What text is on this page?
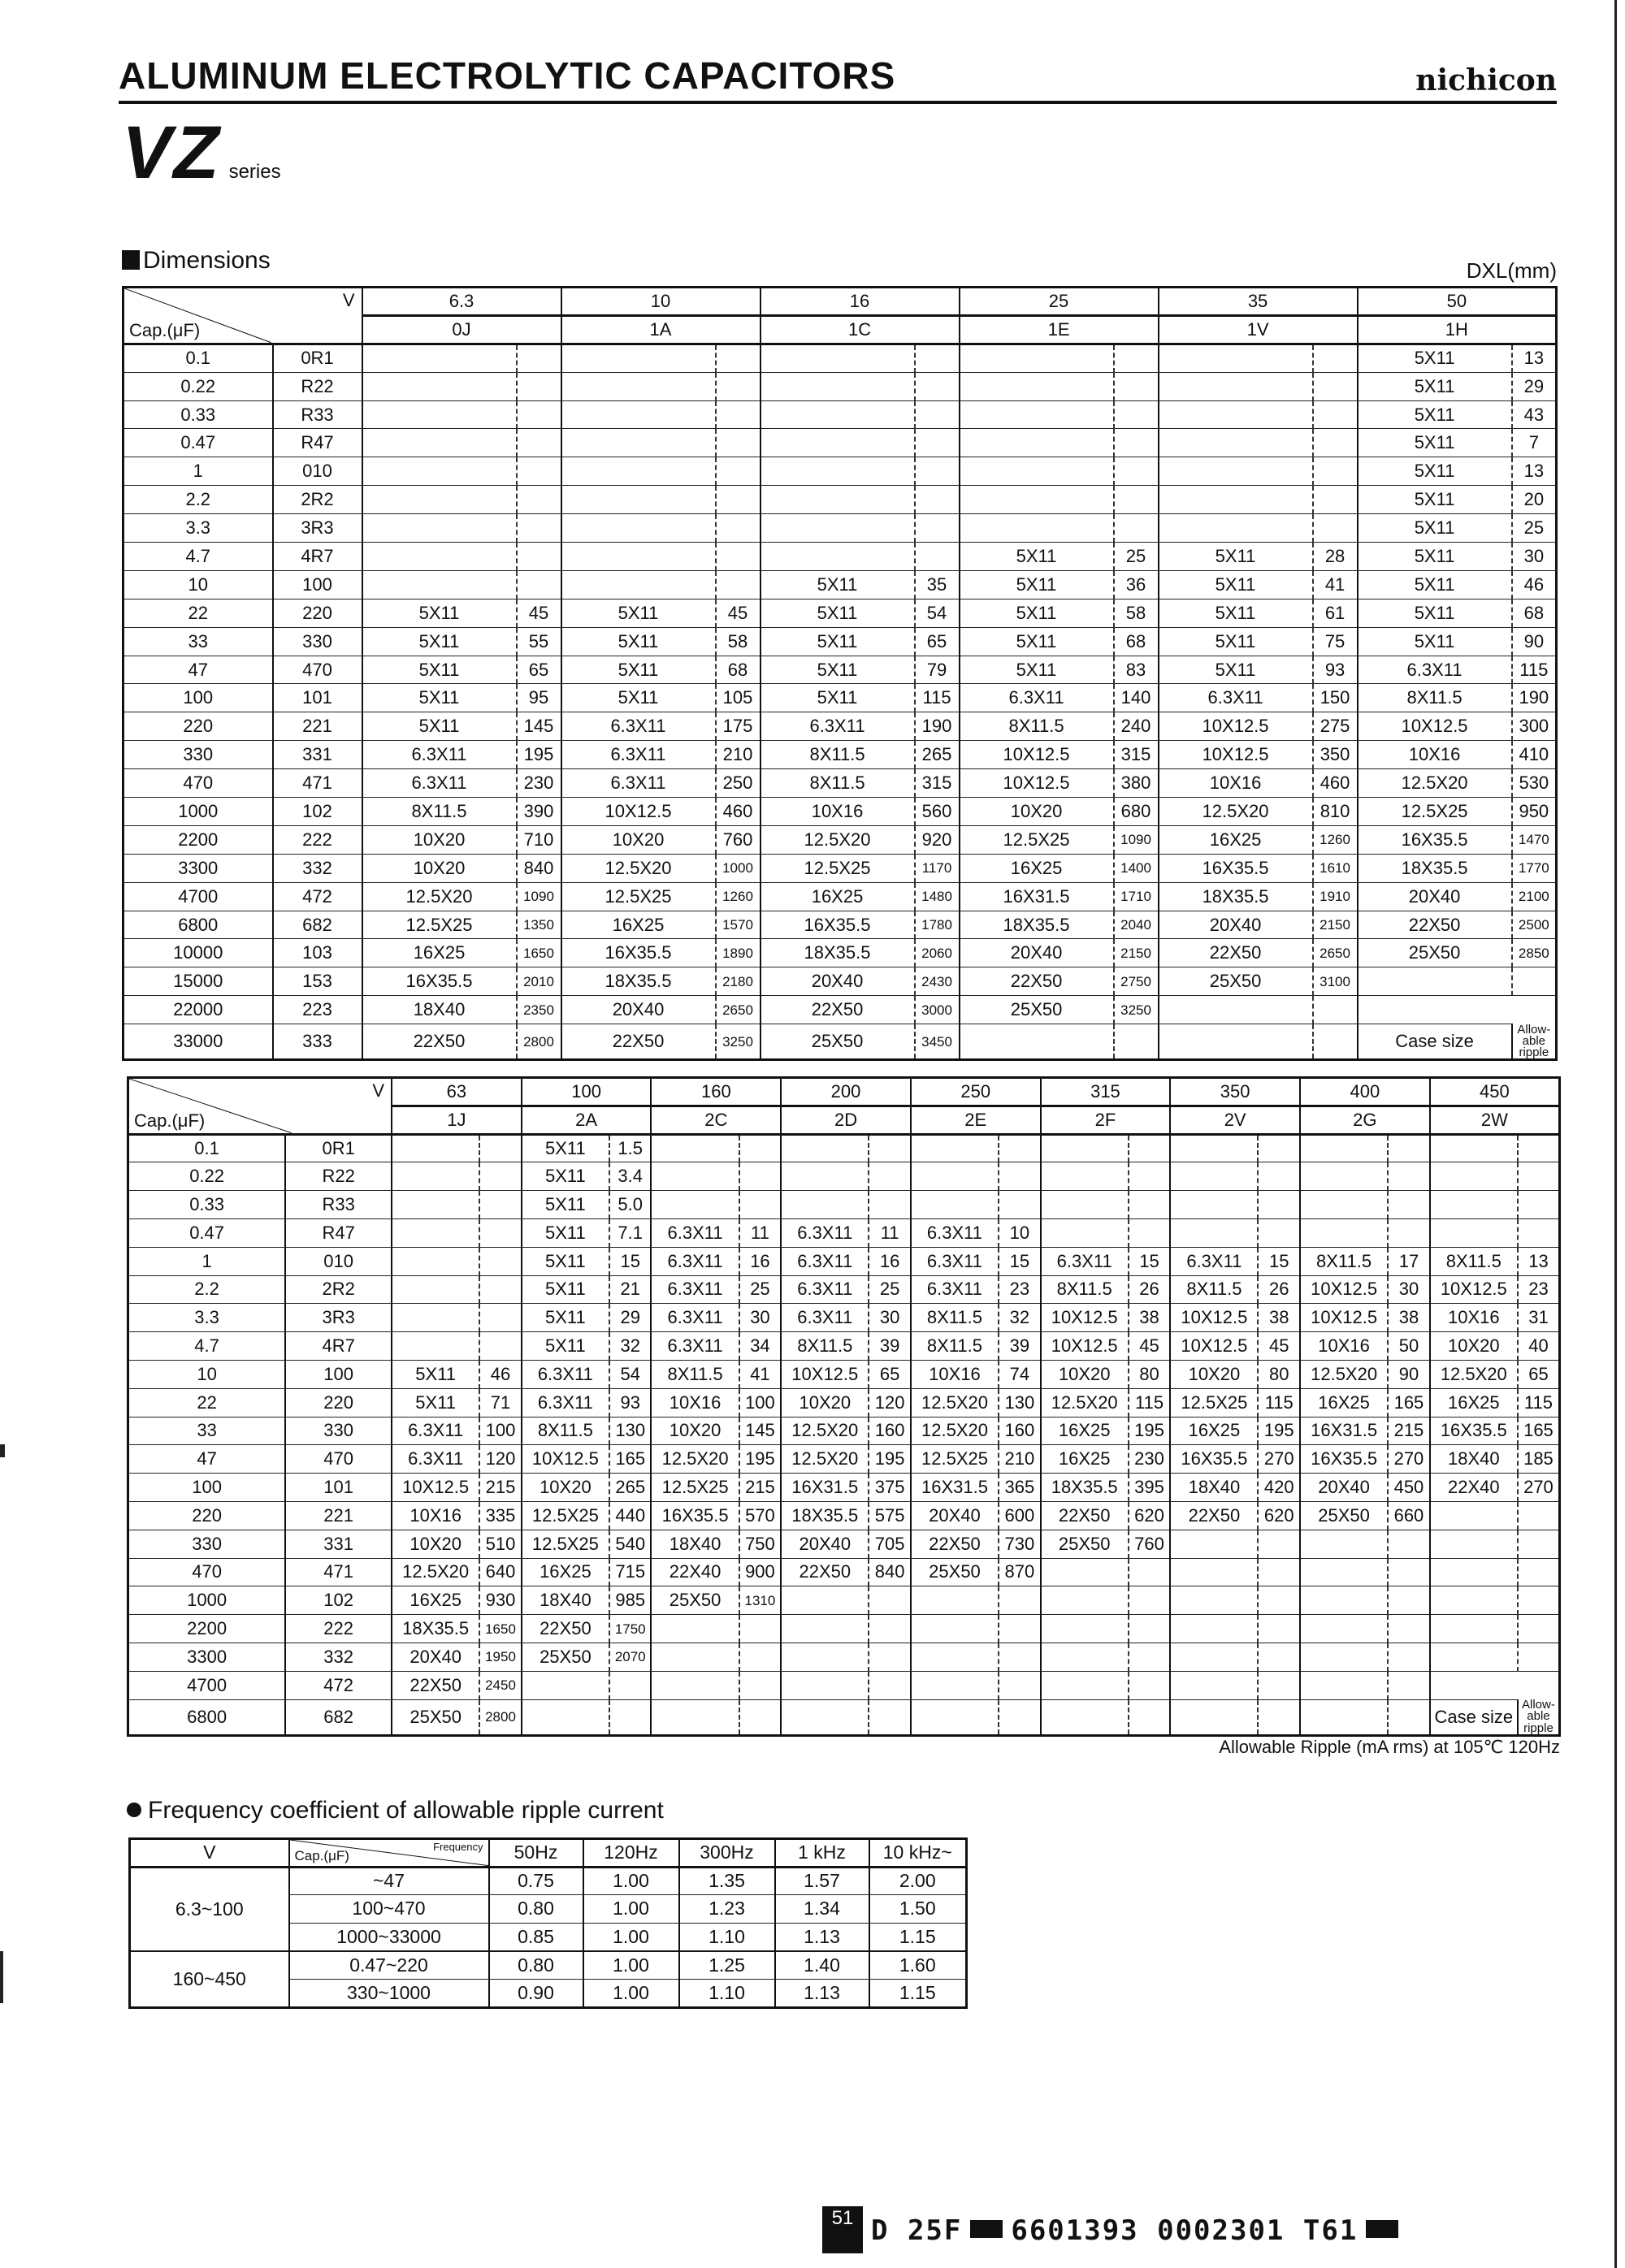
ALUMINUM ELECTROLYTIC CAPACITORS	nichicon
VZ series
Dimensions	DXL(mm)
V
Cap.(μF)		6.3		10		16		25		35		50	
		0J		1A		1C		1E		1V		1H	
0.1	0R1											5X11	13
0.22	R22											5X11	29
0.33	R33											5X11	43
0.47	R47											5X11	7
1	010											5X11	13
2.2	2R2											5X11	20
3.3	3R3											5X11	25
4.7	4R7							5X11	25	5X11	28	5X11	30
10	100					5X11	35	5X11	36	5X11	41	5X11	46
22	220	5X11	45	5X11	45	5X11	54	5X11	58	5X11	61	5X11	68
33	330	5X11	55	5X11	58	5X11	65	5X11	68	5X11	75	5X11	90
47	470	5X11	65	5X11	68	5X11	79	5X11	83	5X11	93	6.3X11	115
100	101	5X11	95	5X11	105	5X11	115	6.3X11	140	6.3X11	150	8X11.5	190
220	221	5X11	145	6.3X11	175	6.3X11	190	8X11.5	240	10X12.5	275	10X12.5	300
330	331	6.3X11	195	6.3X11	210	8X11.5	265	10X12.5	315	10X12.5	350	10X16	410
470	471	6.3X11	230	6.3X11	250	8X11.5	315	10X12.5	380	10X16	460	12.5X20	530
1000	102	8X11.5	390	10X12.5	460	10X16	560	10X20	680	12.5X20	810	12.5X25	950
2200	222	10X20	710	10X20	760	12.5X20	920	12.5X25	1090	16X25	1260	16X35.5	1470
3300	332	10X20	840	12.5X20	1000	12.5X25	1170	16X25	1400	16X35.5	1610	18X35.5	1770
4700	472	12.5X20	1090	12.5X25	1260	16X25	1480	16X31.5	1710	18X35.5	1910	20X40	2100
6800	682	12.5X25	1350	16X25	1570	16X35.5	1780	18X35.5	2040	20X40	2150	22X50	2500
10000	103	16X25	1650	16X35.5	1890	18X35.5	2060	20X40	2150	22X50	2650	25X50	2850
15000	153	16X35.5	2010	18X35.5	2180	20X40	2430	22X50	2750	25X50	3100		
22000	223	18X40	2350	20X40	2650	22X50	3000	25X50	3250				
33000	333	22X50	2800	22X50	3250	25X50	3450					Case size	Allow-able ripple
V
Cap.(μF)		63		100		160		200		250		315		350		400		450	
		1J		2A		2C		2D		2E		2F		2V		2G		2W	
0.1	0R1			5X11	1.5														
0.22	R22			5X11	3.4														
0.33	R33			5X11	5.0														
0.47	R47			5X11	7.1	6.3X11	11	6.3X11	11	6.3X11	10								
1	010			5X11	15	6.3X11	16	6.3X11	16	6.3X11	15	6.3X11	15	6.3X11	15	8X11.5	17	8X11.5	13
2.2	2R2			5X11	21	6.3X11	25	6.3X11	25	6.3X11	23	8X11.5	26	8X11.5	26	10X12.5	30	10X12.5	23
3.3	3R3			5X11	29	6.3X11	30	6.3X11	30	8X11.5	32	10X12.5	38	10X12.5	38	10X12.5	38	10X16	31
4.7	4R7			5X11	32	6.3X11	34	8X11.5	39	8X11.5	39	10X12.5	45	10X12.5	45	10X16	50	10X20	40
10	100	5X11	46	6.3X11	54	8X11.5	41	10X12.5	65	10X16	74	10X20	80	10X20	80	12.5X20	90	12.5X20	65
22	220	5X11	71	6.3X11	93	10X16	100	10X20	120	12.5X20	130	12.5X20	115	12.5X25	115	16X25	165	16X25	115
33	330	6.3X11	100	8X11.5	130	10X20	145	12.5X20	160	12.5X20	160	16X25	195	16X25	195	16X31.5	215	16X35.5	165
47	470	6.3X11	120	10X12.5	165	12.5X20	195	12.5X20	195	12.5X25	210	16X25	230	16X35.5	270	16X35.5	270	18X40	185
100	101	10X12.5	215	10X20	265	12.5X25	215	16X31.5	375	16X31.5	365	18X35.5	395	18X40	420	20X40	450	22X40	270
220	221	10X16	335	12.5X25	440	16X35.5	570	18X35.5	575	20X40	600	22X50	620	22X50	620	25X50	660		
330	331	10X20	510	12.5X25	540	18X40	750	20X40	705	22X50	730	25X50	760						
470	471	12.5X20	640	16X25	715	22X40	900	22X50	840	25X50	870								
1000	102	16X25	930	18X40	985	25X50	1310												
2200	222	18X35.5	1650	22X50	1750														
3300	332	20X40	1950	25X50	2070														
4700	472	22X50	2450																
6800	682	25X50	2800															Case size	Allow-able ripple
Allowable Ripple (mA rms) at 105℃ 120Hz
Frequency coefficient of allowable ripple current
V	Frequency
Cap.(μF)	50Hz	120Hz	300Hz	1 kHz	10 kHz~
6.3~100	~47	0.75	1.00	1.35	1.57	2.00
	100~470	0.80	1.00	1.23	1.34	1.50
	1000~33000	0.85	1.00	1.10	1.13	1.15
160~450	0.47~220	0.80	1.00	1.25	1.40	1.60
	330~1000	0.90	1.00	1.10	1.13	1.15
51 D 25F 6601393 0002301 T61
